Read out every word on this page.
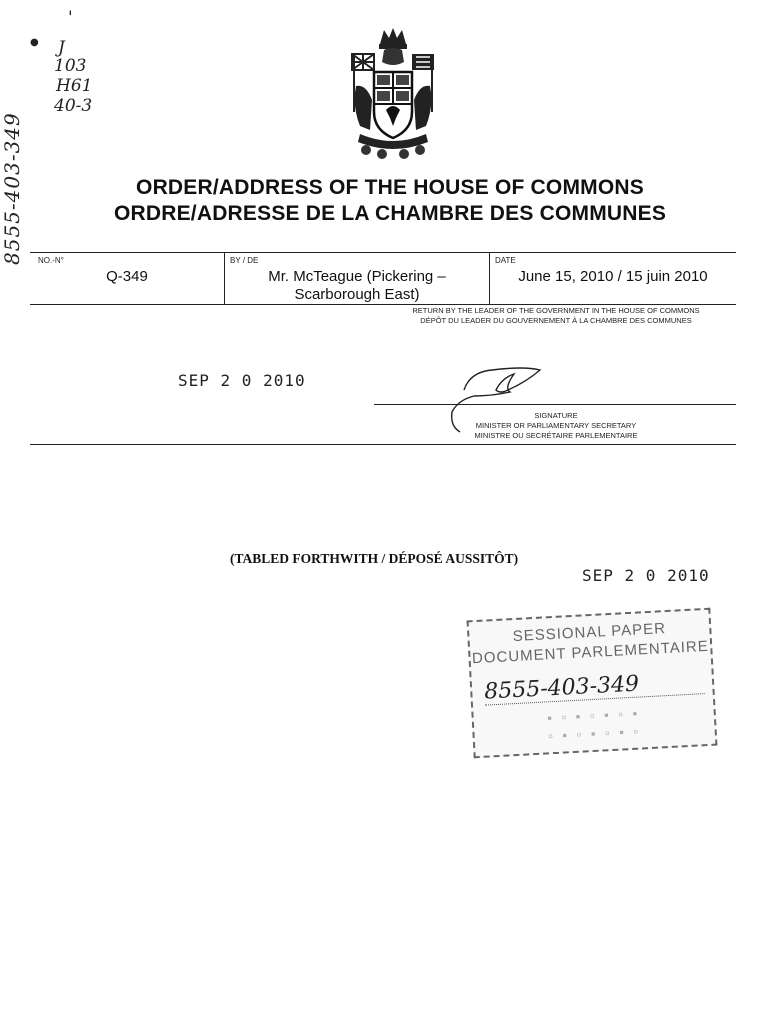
'
● J
103
H61
40-3
8555-403-349	ORDER/ADDRESS OF THE HOUSE OF COMMONS
ORDRE/ADRESSE DE LA CHAMBRE DES COMMUNES
NO.-N°
Q-349
BY / DE
Mr. McTeague (Pickering –
Scarborough East)
DATE
June 15, 2010 / 15 juin 2010
RETURN BY THE LEADER OF THE GOVERNMENT IN THE HOUSE OF COMMONS
DÉPÔT DU LEADER DU GOUVERNEMENT À LA CHAMBRE DES COMMUNES
SEP 2 0 2010
SIGNATURE
MINISTER OR PARLIAMENTARY SECRETARY
MINISTRE OU SECRÉTAIRE PARLEMENTAIRE
(TABLED FORTHWITH / DÉPOSÉ AUSSITÔT)
SEP 2 0 2010
SESSIONAL PAPER
DOCUMENT PARLEMENTAIRE
8555-403-349
▪ ▫ ▪ ▫ ▪ ▫ ▪
▫ ▪ ▫ ▪ ▫ ▪ ▫
